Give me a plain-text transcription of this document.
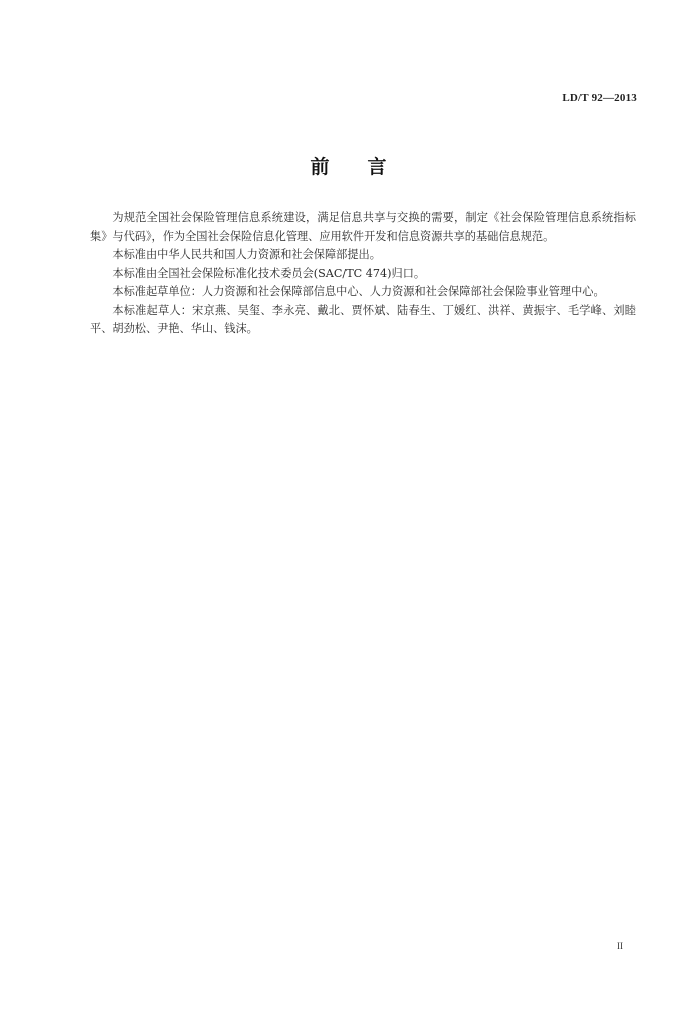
LD/T 92—2013
前 言

为规范全国社会保险管理信息系统建设，满足信息共享与交换的需要，制定《社会保险管理信息系统指标集》与代码》，作为全国社会保险信息化管理、应用软件开发和信息资源共享的基础信息规范。

本标准由中华人民共和国人力资源和社会保障部提出。

本标准由全国社会保险标准化技术委员会(SAC/TC 474)归口。

本标准起草单位：人力资源和社会保障部信息中心、人力资源和社会保障部社会保险事业管理中心。

本标准起草人：宋京燕、吴玺、李永亮、戴北、贾怀斌、陆春生、丁媛红、洪祥、黄振宇、毛学峰、刘睦平、胡劲松、尹艳、华山、钱沫。

II
